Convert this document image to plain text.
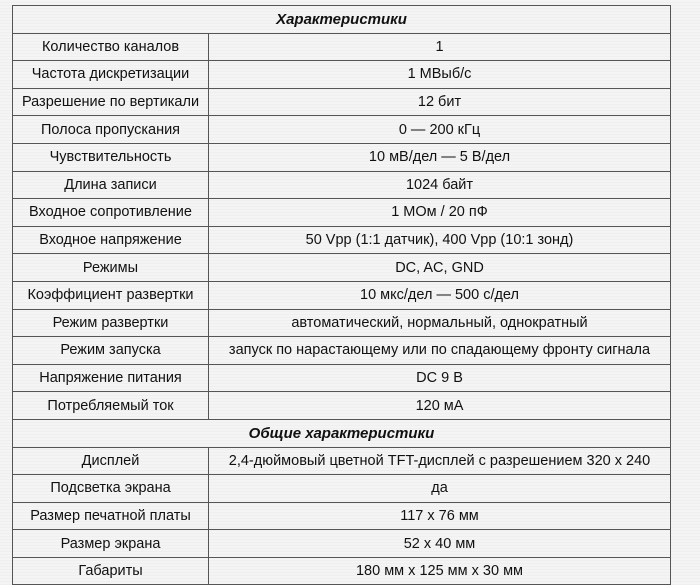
Характеристики	
Количество каналов	1
Частота дискретизации	1 МВыб/с
Разрешение по вертикали	12 бит
Полоса пропускания	0 — 200 кГц
Чувствительность	10 мВ/дел — 5 В/дел
Длина записи	1024 байт
Входное сопротивление	1 МОм / 20 пФ
Входное напряжение	50 Vpp (1:1 датчик), 400 Vpp (10:1 зонд)
Режимы	DC, AC, GND
Коэффициент развертки	10 мкс/дел — 500 с/дел
Режим развертки	автоматический, нормальный, однократный
Режим запуска	запуск по нарастающему или по спадающему фронту сигнала
Напряжение питания	DC 9 В
Потребляемый ток	120 мА
Общие характеристики	
Дисплей	2,4-дюймовый цветной TFT-дисплей с разрешением 320 x 240
Подсветка экрана	да
Размер печатной платы	117 x 76 мм
Размер экрана	52 x 40 мм
Габариты	180 мм x 125 мм x 30 мм
